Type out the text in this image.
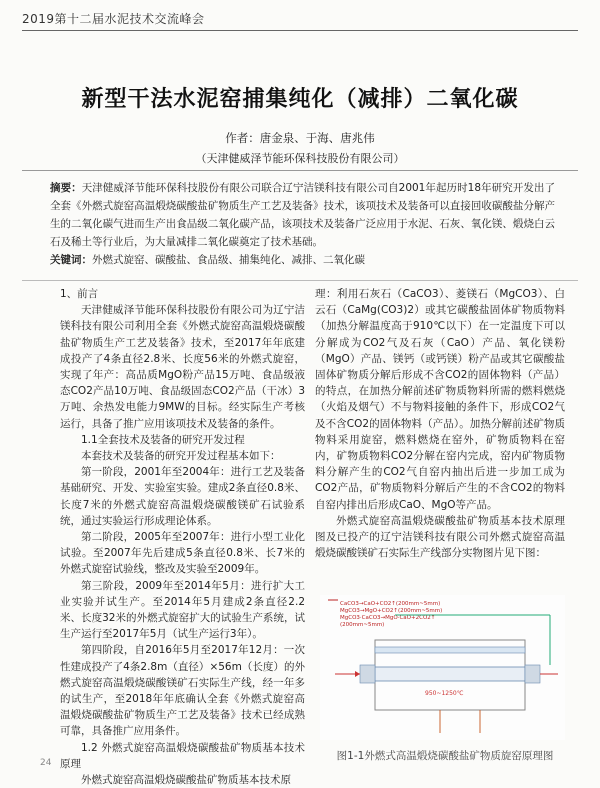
2019第十二届水泥技术交流峰会
新型干法水泥窑捕集纯化（减排）二氧化碳
作者：唐金泉、于海、唐兆伟
（天津健威泽节能环保科技股份有限公司）
摘要：天津健威泽节能环保科技股份有限公司联合辽宁洁镁科技有限公司自2001年起历时18年研究开发出了全套《外燃式旋窑高温煅烧碳酸盐矿物质生产工艺及装备》技术，该项技术及装备可以直接回收碳酸盐分解产生的二氧化碳气进而生产出食品级二氧化碳产品，该项技术及装备广泛应用于水泥、石灰、氧化镁、煅烧白云石及稀土等行业后，为大量减排二氧化碳奠定了技术基础。
关键词：外燃式旋窑、碳酸盐、食品级、捕集纯化、减排、二氧化碳

1、前言

天津健威泽节能环保科技股份有限公司为辽宁洁镁科技有限公司利用全套《外燃式旋窑高温煅烧碳酸盐矿物质生产工艺及装备》技术，至2017年年底建成投产了4条直径2.8米、长度56米的外燃式旋窑，实现了年产：高品质MgO粉产品15万吨、食品级液态CO2产品10万吨、食品级固态CO2产品（干冰）3万吨、余热发电能力9MW的目标。经实际生产考核运行，具备了推广应用该项技术及装备的条件。

1.1全套技术及装备的研究开发过程

本套技术及装备的研究开发过程基本如下：

第一阶段，2001年至2004年：进行工艺及装备基础研究、开发、实验室实验。建成2条直径0.8米、长度7米的外燃式旋窑高温煅烧碳酸镁矿石试验系统，通过实验运行形成理论体系。

第二阶段，2005年至2007年：进行小型工业化试验。至2007年先后建成5条直径0.8米、长7米的外燃式旋窑试验线，整改及实验至2009年。

第三阶段，2009年至2014年5月：进行扩大工业实验并试生产。至2014年5月建成2条直径2.2米、长度32米的外燃式旋窑扩大的试验生产系统，试生产运行至2017年5月（试生产运行3年）。

第四阶段，自2016年5月至2017年12月：一次性建成投产了4条2.8m（直径）×56m（长度）的外燃式旋窑高温煅烧碳酸镁矿石实际生产线，经一年多的试生产，至2018年年底确认全套《外燃式旋窑高温煅烧碳酸盐矿物质生产工艺及装备》技术已经成熟可靠，具备推广应用条件。

1.2 外燃式旋窑高温煅烧碳酸盐矿物质基本技术原理

外燃式旋窑高温煅烧碳酸盐矿物质基本技术原

理：利用石灰石（CaCO3）、菱镁石（MgCO3）、白云石（CaMg(CO3)2）或其它碳酸盐固体矿物质物料（加热分解温度高于910℃以下）在一定温度下可以分解成为CO2气及石灰（CaO）产品、氧化镁粉（MgO）产品、镁钙（或钙镁）粉产品或其它碳酸盐固体矿物质分解后形成不含CO2的固体物料（产品）的特点，在加热分解前述矿物质物料所需的燃料燃烧（火焰及烟气）不与物料接触的条件下，形成CO2气及不含CO2的固体物料（产品）。加热分解前述矿物质物料采用旋窑，燃料燃烧在窑外，矿物质物料在窑内，矿物质物料CO2分解在窑内完成，窑内矿物质物料分解产生的CO2气自窑内抽出后进一步加工成为CO2产品，矿物质物料分解后产生的不含CO2的物料自窑内排出后形成CaO、MgO等产品。

外燃式旋窑高温煅烧碳酸盐矿物质基本技术原理图及已投产的辽宁洁镁科技有限公司外燃式旋窑高温煅烧碳酸镁矿石实际生产线部分实物图片见下图：

CaCO3→CaO+CO2↑(200mm~5mm)
MgCO3→MgO+CO2↑(200mm~5mm)
MgCO3·CaCO3→MgO·CaO+2CO2↑
(200mm~5mm)
950~1250℃
图1-1外燃式高温煅烧碳酸盐矿物质旋窑原理图
24
